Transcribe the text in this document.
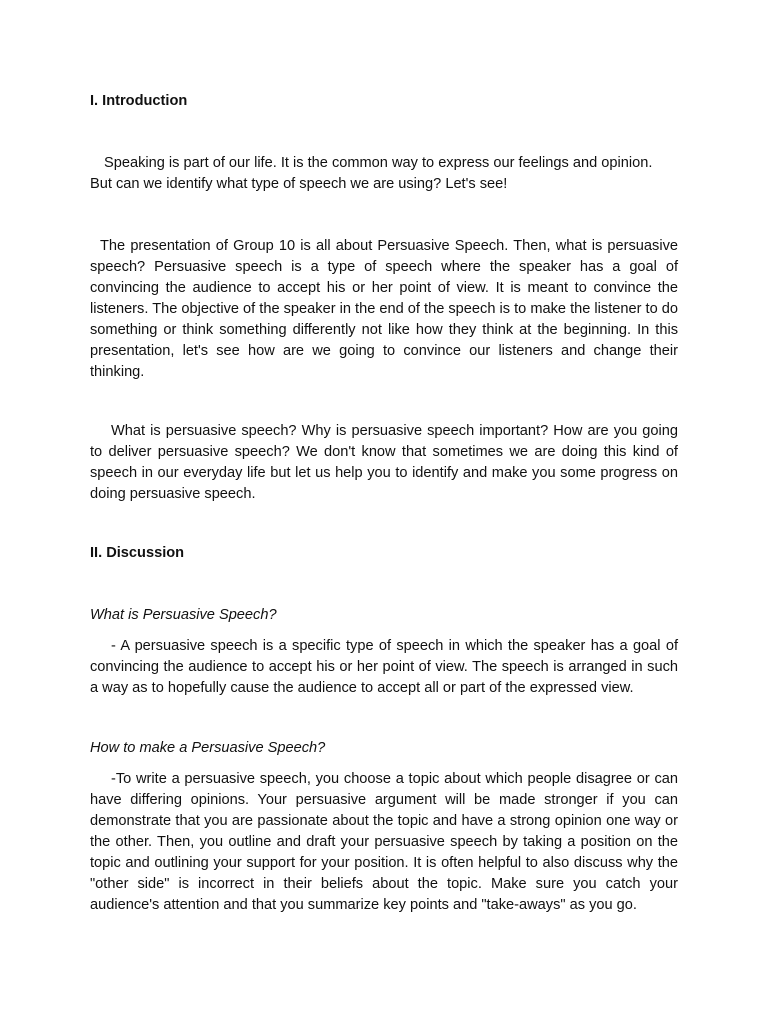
I. Introduction

Speaking is part of our life. It is the common way to express our feelings and opinion. But can we identify what type of speech we are using? Let's see!

The presentation of Group 10 is all about Persuasive Speech. Then, what is persuasive speech? Persuasive speech is a type of speech where the speaker has a goal of convincing the audience to accept his or her point of view. It is meant to convince the listeners. The objective of the speaker in the end of the speech is to make the listener to do something or think something differently not like how they think at the beginning. In this presentation, let's see how are we going to convince our listeners and change their thinking.

What is persuasive speech? Why is persuasive speech important? How are you going to deliver persuasive speech? We don't know that sometimes we are doing this kind of speech in our everyday life but let us help you to identify and make you some progress on doing persuasive speech.

II. Discussion

What is Persuasive Speech?

- A persuasive speech is a specific type of speech in which the speaker has a goal of convincing the audience to accept his or her point of view. The speech is arranged in such a way as to hopefully cause the audience to accept all or part of the expressed view.

How to make a Persuasive Speech?

-To write a persuasive speech, you choose a topic about which people disagree or can have differing opinions. Your persuasive argument will be made stronger if you can demonstrate that you are passionate about the topic and have a strong opinion one way or the other. Then, you outline and draft your persuasive speech by taking a position on the topic and outlining your support for your position. It is often helpful to also discuss why the "other side" is incorrect in their beliefs about the topic. Make sure you catch your audience's attention and that you summarize key points and "take-aways" as you go.
